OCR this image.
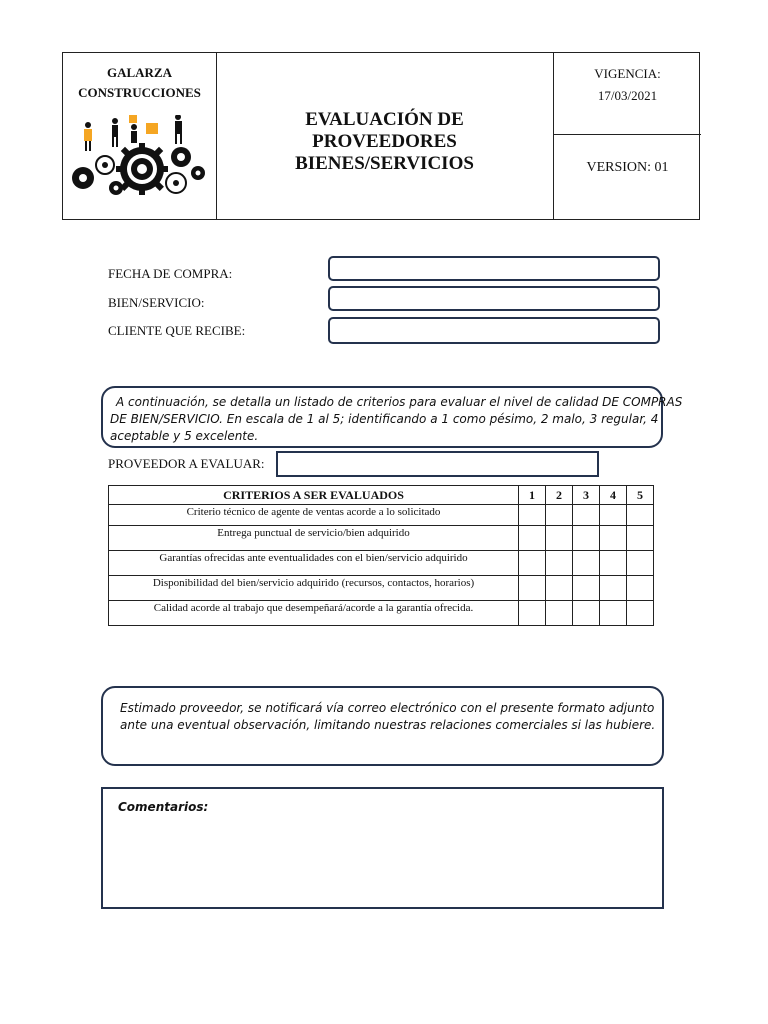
GALARZA
CONSTRUCCIONES
EVALUACIÓN DE
PROVEEDORES
BIENES/SERVICIOS
VIGENCIA:
17/03/2021
VERSION: 01
FECHA DE COMPRA:
BIEN/SERVICIO:
CLIENTE QUE RECIBE:
A continuación, se detalla un listado de criterios para evaluar el nivel de calidad DE COMPRAS
DE BIEN/SERVICIO. En escala de 1 al 5; identificando a 1 como pésimo, 2 malo, 3 regular, 4
aceptable y 5 excelente.
PROVEEDOR A EVALUAR:
CRITERIOS A SER EVALUADOS	1	2	3	4	5
Criterio técnico de agente de ventas acorde a lo solicitado					
Entrega punctual de servicio/bien adquirido					
Garantías ofrecidas ante eventualidades con el bien/servicio adquirido					
Disponibilidad del bien/servicio adquirido (recursos, contactos, horarios)					
Calidad acorde al trabajo que desempeñará/acorde a la garantía ofrecida.					
Estimado proveedor, se notificará vía correo electrónico con el presente formato adjunto
ante una eventual observación, limitando nuestras relaciones comerciales si las hubiere.
Comentarios:
